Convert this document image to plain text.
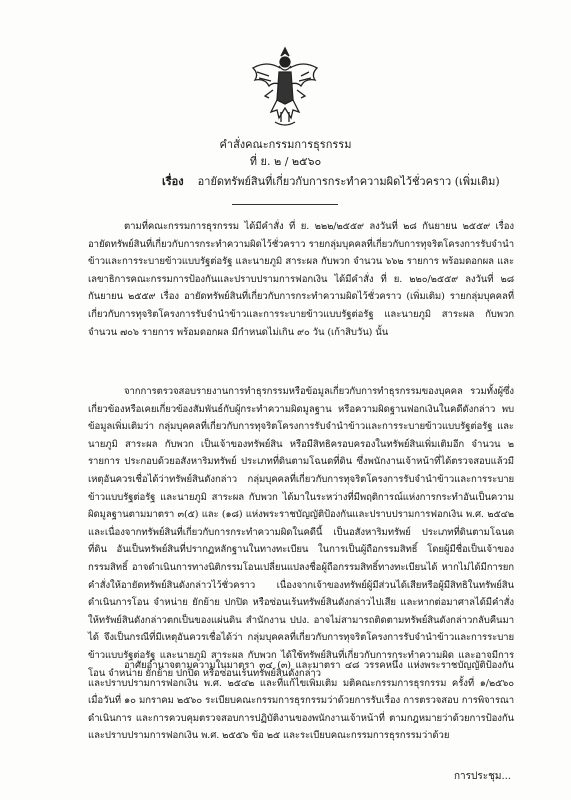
คำสั่งคณะกรรมการธุรกรรม
ที่ ย. ๒ / ๒๕๖๐
เรื่อง อายัดทรัพย์สินที่เกี่ยวกับการกระทำความผิดไว้ชั่วคราว (เพิ่มเติม)
ตามที่คณะกรรมการธุรกรรม ได้มีคำสั่ง ที่ ย. ๒๒๒/๒๕๕๙ ลงวันที่ ๒๘ กันยายน ๒๕๕๙ เรื่อง อายัดทรัพย์สินที่เกี่ยวกับการกระทำความผิดไว้ชั่วคราว รายกลุ่มบุคคลที่เกี่ยวกับการทุจริตโครงการรับจำนำข้าวและการระบายข้าวแบบรัฐต่อรัฐ และนายภูมิ สาระผล กับพวก จำนวน ๖๖๒ รายการ พร้อมดอกผล และเลขาธิการคณะกรรมการป้องกันและปราบปรามการฟอกเงิน ได้มีคำสั่ง ที่ ย. ๒๒๐/๒๕๕๙ ลงวันที่ ๒๘ กันยายน ๒๕๕๙ เรื่อง อายัดทรัพย์สินที่เกี่ยวกับการกระทำความผิดไว้ชั่วคราว (เพิ่มเติม) รายกลุ่มบุคคลที่เกี่ยวกับการทุจริตโครงการรับจำนำข้าวและการระบายข้าวแบบรัฐต่อรัฐ และนายภูมิ สาระผล กับพวก จำนวน ๗๐๖ รายการ พร้อมดอกผล มีกำหนดไม่เกิน ๙๐ วัน (เก้าสิบวัน) นั้น
จากการตรวจสอบรายงานการทำธุรกรรมหรือข้อมูลเกี่ยวกับการทำธุรกรรมของบุคคล รวมทั้งผู้ซึ่งเกี่ยวข้องหรือเคยเกี่ยวข้องสัมพันธ์กับผู้กระทำความผิดมูลฐาน หรือความผิดฐานฟอกเงินในคดีดังกล่าว พบข้อมูลเพิ่มเติมว่า กลุ่มบุคคลที่เกี่ยวกับการทุจริตโครงการรับจำนำข้าวและการระบายข้าวแบบรัฐต่อรัฐ และนายภูมิ สาระผล กับพวก เป็นเจ้าของทรัพย์สิน หรือมีสิทธิครอบครองในทรัพย์สินเพิ่มเติมอีก จำนวน ๒ รายการ ประกอบด้วยอสังหาริมทรัพย์ ประเภทที่ดินตามโฉนดที่ดิน ซึ่งพนักงานเจ้าหน้าที่ได้ตรวจสอบแล้วมีเหตุอันควรเชื่อได้ว่าทรัพย์สินดังกล่าว กลุ่มบุคคลที่เกี่ยวกับการทุจริตโครงการรับจำนำข้าวและการระบายข้าวแบบรัฐต่อรัฐ และนายภูมิ สาระผล กับพวก ได้มาในระหว่างที่มีพฤติการณ์แห่งการกระทำอันเป็นความผิดมูลฐานตามมาตรา ๓(๕) และ (๑๘) แห่งพระราชบัญญัติป้องกันและปราบปรามการฟอกเงิน พ.ศ. ๒๕๔๒ และเนื่องจากทรัพย์สินที่เกี่ยวกับการกระทำความผิดในคดีนี้ เป็นอสังหาริมทรัพย์ ประเภทที่ดินตามโฉนดที่ดิน อันเป็นทรัพย์สินที่ปรากฏหลักฐานในทางทะเบียน ในการเป็นผู้ถือกรรมสิทธิ์ โดยผู้มีชื่อเป็นเจ้าของกรรมสิทธิ์ อาจดำเนินการทางนิติกรรมโอนเปลี่ยนแปลงชื่อผู้ถือกรรมสิทธิ์ทางทะเบียนได้ หากไม่ได้มีการยกคำสั่งให้อายัดทรัพย์สินดังกล่าวไว้ชั่วคราว เนื่องจากเจ้าของทรัพย์ผู้มีส่วนได้เสียหรือผู้มีสิทธิในทรัพย์สินดำเนินการโอน จำหน่าย ยักย้าย ปกปิด หรือซ่อนเร้นทรัพย์สินดังกล่าวไปเสีย และหากต่อมาศาลได้มีคำสั่งให้ทรัพย์สินดังกล่าวตกเป็นของแผ่นดิน สำนักงาน ปปง. อาจไม่สามารถติดตามทรัพย์สินดังกล่าวกลับคืนมาได้ จึงเป็นกรณีที่มีเหตุอันควรเชื่อได้ว่า กลุ่มบุคคลที่เกี่ยวกับการทุจริตโครงการรับจำนำข้าวและการระบายข้าวแบบรัฐต่อรัฐ และนายภูมิ สาระผล กับพวก ได้ใช้ทรัพย์สินที่เกี่ยวกับการกระทำความผิด และอาจมีการโอน จำหน่าย ยักย้าย ปกปิด หรือซ่อนเร้นทรัพย์สินดังกล่าว
อาศัยอำนาจตามความในมาตรา ๓๔ (๓) และมาตรา ๔๘ วรรคหนึ่ง แห่งพระราชบัญญัติป้องกันและปราบปรามการฟอกเงิน พ.ศ. ๒๕๔๒ และที่แก้ไขเพิ่มเติม มติคณะกรรมการธุรกรรม ครั้งที่ ๑/๒๕๖๐ เมื่อวันที่ ๑๐ มกราคม ๒๕๖๐ ระเบียบคณะกรรมการธุรกรรมว่าด้วยการรับเรื่อง การตรวจสอบ การพิจารณาดำเนินการ และการควบคุมตรวจสอบการปฏิบัติงานของพนักงานเจ้าหน้าที่ ตามกฎหมายว่าด้วยการป้องกันและปราบปรามการฟอกเงิน พ.ศ. ๒๕๕๖ ข้อ ๒๕ และระเบียบคณะกรรมการธุรกรรมว่าด้วย
การประชุม...
